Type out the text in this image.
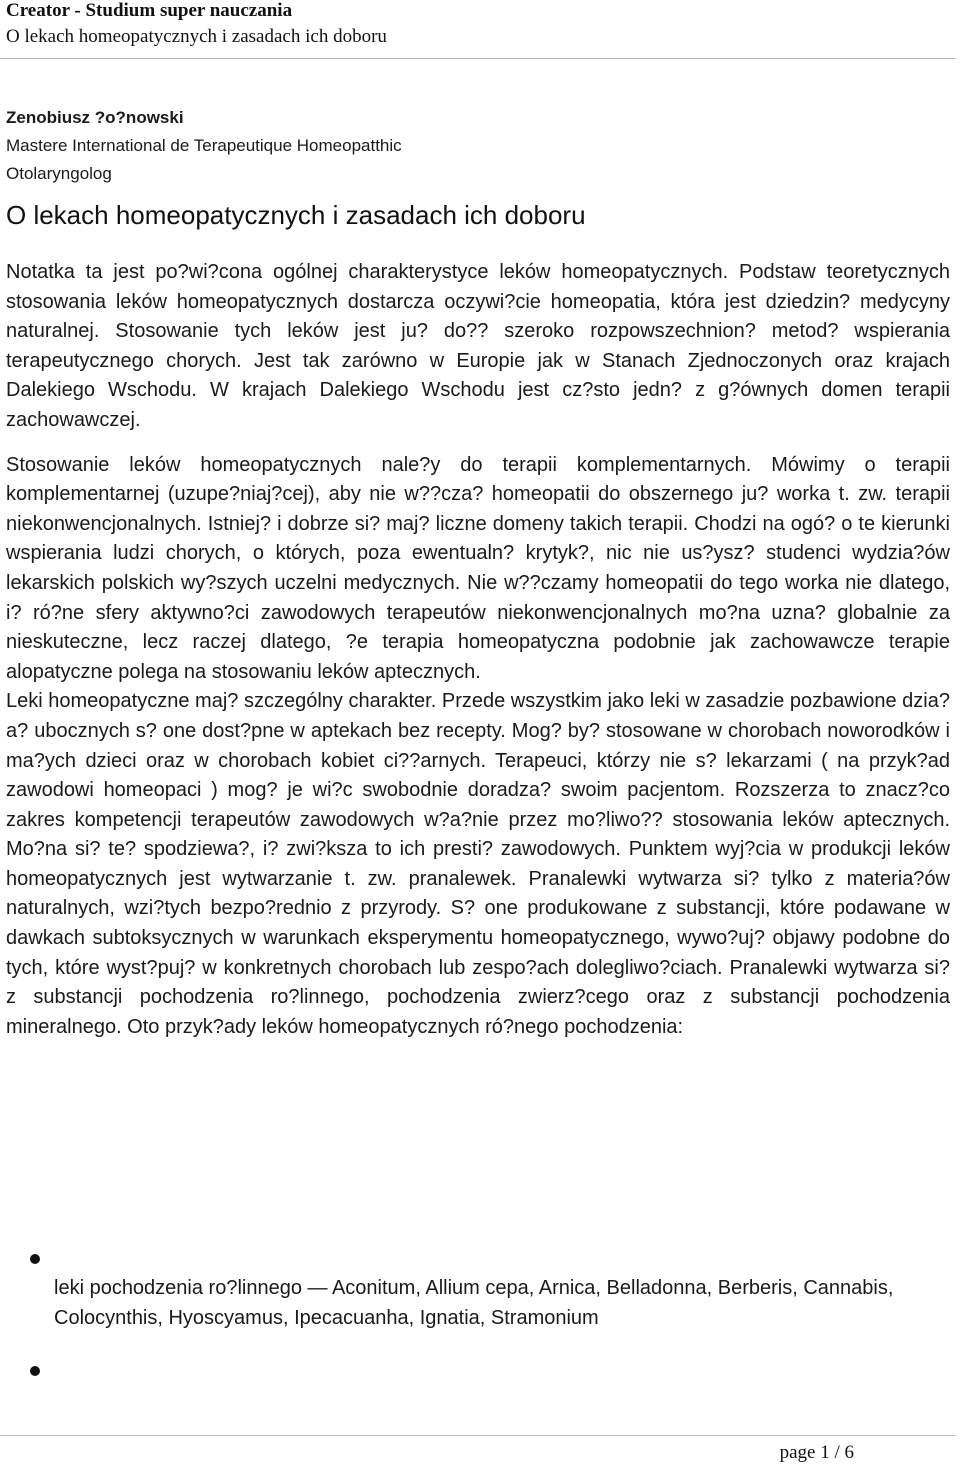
Creator - Studium super nauczania
O lekach homeopatycznych i zasadach ich doboru
Zenobiusz ?o?nowski
Mastere International de Terapeutique Homeopatthic
Otolaryngolog
O lekach homeopatycznych i zasadach ich doboru

Notatka ta jest po?wi?cona ogólnej charakterystyce leków homeopatycznych. Podstaw teoretycznych stosowania leków homeopatycznych dostarcza oczywi?cie homeopatia, która jest dziedzin? medycyny naturalnej. Stosowanie tych leków jest ju? do?? szeroko rozpowszechnion? metod? wspierania terapeutycznego chorych. Jest tak zarówno w Europie jak w Stanach Zjednoczonych oraz krajach Dalekiego Wschodu. W krajach Dalekiego Wschodu jest cz?sto jedn? z g?ównych domen terapii zachowawczej.

Stosowanie leków homeopatycznych nale?y do terapii komplementarnych. Mówimy o terapii komplementarnej (uzupe?niaj?cej), aby nie w??cza? homeopatii do obszernego ju? worka t. zw. terapii niekonwencjonalnych. Istniej? i dobrze si? maj? liczne domeny takich terapii. Chodzi na ogó? o te kierunki wspierania ludzi chorych, o których, poza ewentualn? krytyk?, nic nie us?ysz? studenci wydzia?ów lekarskich polskich wy?szych uczelni medycznych. Nie w??czamy homeopatii do tego worka nie dlatego, i? ró?ne sfery aktywno?ci zawodowych terapeutów niekonwencjonalnych mo?na uzna? globalnie za nieskuteczne, lecz raczej dlatego, ?e terapia homeopatyczna podobnie jak zachowawcze terapie alopatyczne polega na stosowaniu leków aptecznych.

Leki homeopatyczne maj? szczególny charakter. Przede wszystkim jako leki w zasadzie pozbawione dzia?a? ubocznych s? one dost?pne w aptekach bez recepty. Mog? by? stosowane w chorobach noworodków i ma?ych dzieci oraz w chorobach kobiet ci??arnych. Terapeuci, którzy nie s? lekarzami ( na przyk?ad zawodowi homeopaci ) mog? je wi?c swobodnie doradza? swoim pacjentom. Rozszerza to znacz?co zakres kompetencji terapeutów zawodowych w?a?nie przez mo?liwo?? stosowania leków aptecznych. Mo?na si? te? spodziewa?, i? zwi?ksza to ich presti? zawodowych. Punktem wyj?cia w produkcji leków homeopatycznych jest wytwarzanie t. zw. pranalewek. Pranalewki wytwarza si? tylko z materia?ów naturalnych, wzi?tych bezpo?rednio z przyrody. S? one produkowane z substancji, które podawane w dawkach subtoksycznych w warunkach eksperymentu homeopatycznego, wywo?uj? objawy podobne do tych, które wyst?puj? w konkretnych chorobach lub zespo?ach dolegliwo?ciach. Pranalewki wytwarza si? z substancji pochodzenia ro?linnego, pochodzenia zwierz?cego oraz z substancji pochodzenia mineralnego. Oto przyk?ady leków homeopatycznych ró?nego pochodzenia:

leki pochodzenia ro?linnego — Aconitum, Allium cepa, Arnica, Belladonna, Berberis, Cannabis, Colocynthis, Hyoscyamus, Ipecacuanha, Ignatia, Stramonium
page 1 / 6
